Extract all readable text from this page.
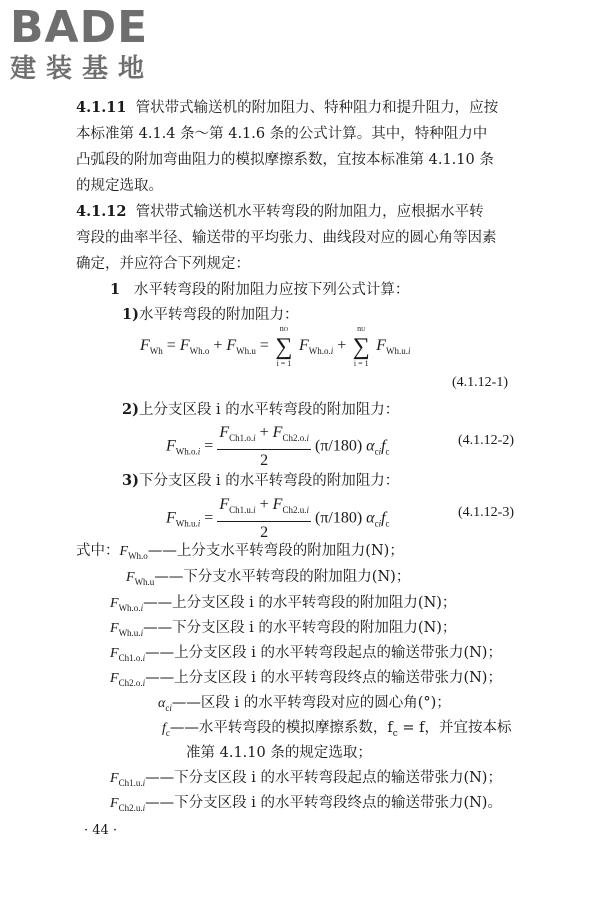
BADE
建装基地
4.1.11 管状带式输送机的附加阻力、特种阻力和提升阻力，应按
本标准第 4.1.4 条～第 4.1.6 条的公式计算。其中，特种阻力中
凸弧段的附加弯曲阻力的模拟摩擦系数，宜按本标准第 4.1.10 条
的规定选取。
4.1.12 管状带式输送机水平转弯段的附加阻力，应根据水平转
弯段的曲率半径、输送带的平均张力、曲线段对应的圆心角等因素
确定，并应符合下列规定：
1 水平转弯段的附加阻力应按下列公式计算：
1)水平转弯段的附加阻力：
$F_{Wh} = F_{Wh.o} + F_{Wh.u}$ =
nO
∑
i = 1
$F_{Wh.o.i}$ +
nU
∑
i = 1
$F_{Wh.u.i}$
(4.1.12-1)
2)上分支区段 i 的水平转弯段的附加阻力：
$F_{Wh.o.i} = \frac{F_{Ch1.o.i} + F_{Ch2.o.i}}{2} (\pi/180)$ $\alpha_{ci}f_c$
(4.1.12-2)
3)下分支区段 i 的水平转弯段的附加阻力：
$F_{Wh.u.i} = \frac{F_{Ch1.u.i} + F_{Ch2.u.i}}{2} (\pi/180)$ $\alpha_{ci}f_c$
(4.1.12-3)
式中：$F_{Wh.o}——$上分支水平转弯段的附加阻力(N)；
$F_{Wh.u}——$下分支水平转弯段的附加阻力(N)；
$F_{Wh.o.i}——$上分支区段 i 的水平转弯段的附加阻力(N)；
$F_{Wh.u.i}——$下分支区段 i 的水平转弯段的附加阻力(N)；
$F_{Ch1.o.i}——$上分支区段 i 的水平转弯段起点的输送带张力(N)；
$F_{Ch2.o.i}——$上分支区段 i 的水平转弯段终点的输送带张力(N)；
$\alpha_{ci}——$区段 i 的水平转弯段对应的圆心角(°)；
$f_c——$水平转弯段的模拟摩擦系数，$f_c = f$，并宜按本标
准第 4.1.10 条的规定选取；
$F_{Ch1.u.i}——$下分支区段 i 的水平转弯段起点的输送带张力(N)；
$F_{Ch2.u.i}——$下分支区段 i 的水平转弯段终点的输送带张力(N)。
· 44 ·
